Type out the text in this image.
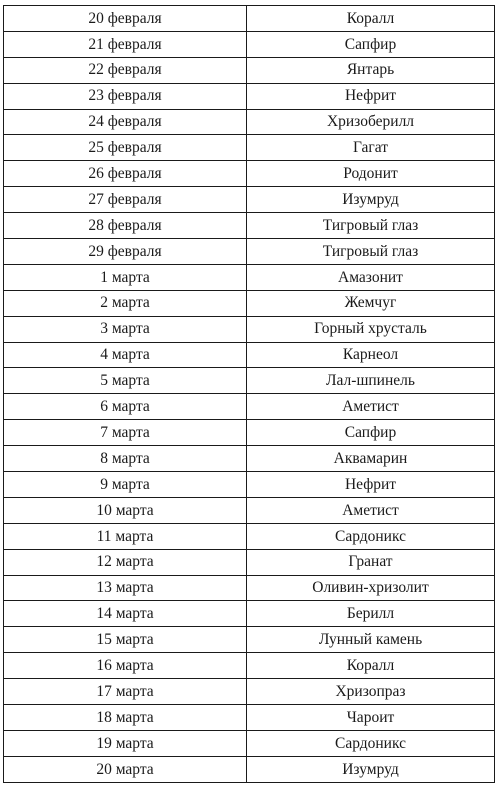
20 февраля	Коралл
21 февраля	Сапфир
22 февраля	Янтарь
23 февраля	Нефрит
24 февраля	Хризоберилл
25 февраля	Гагат
26 февраля	Родонит
27 февраля	Изумруд
28 февраля	Тигровый глаз
29 февраля	Тигровый глаз
1 марта	Амазонит
2 марта	Жемчуг
3 марта	Горный хрусталь
4 марта	Карнеол
5 марта	Лал-шпинель
6 марта	Аметист
7 марта	Сапфир
8 марта	Аквамарин
9 марта	Нефрит
10 марта	Аметист
11 марта	Сардоникс
12 марта	Гранат
13 марта	Оливин-хризолит
14 марта	Берилл
15 марта	Лунный камень
16 марта	Коралл
17 марта	Хризопраз
18 марта	Чароит
19 марта	Сардоникс
20 марта	Изумруд
